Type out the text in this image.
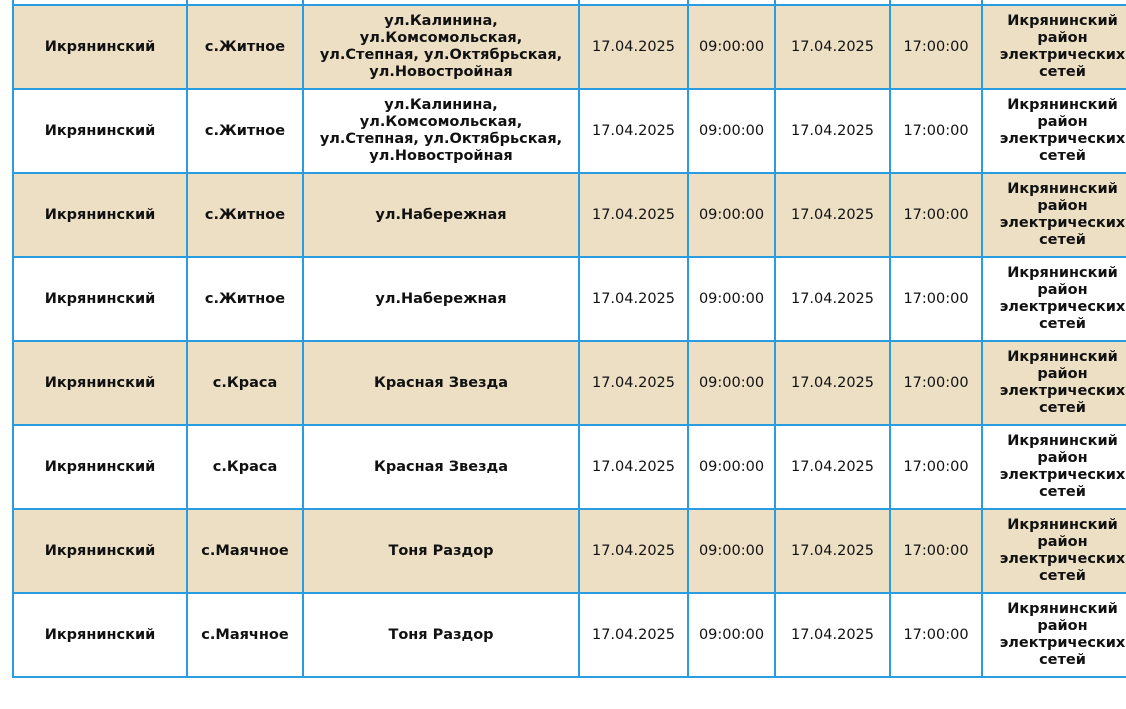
Икрянинский	с.Житное	ул.Калинина, ул.Комсомольская, ул.Степная, ул.Октябрьская, ул.Новостройная	17.04.2025	09:00:00	17.04.2025	17:00:00	Икрянинский район электрических сетей
Икрянинский	с.Житное	ул.Калинина, ул.Комсомольская, ул.Степная, ул.Октябрьская, ул.Новостройная	17.04.2025	09:00:00	17.04.2025	17:00:00	Икрянинский район электрических сетей
Икрянинский	с.Житное	ул.Набережная	17.04.2025	09:00:00	17.04.2025	17:00:00	Икрянинский район электрических сетей
Икрянинский	с.Житное	ул.Набережная	17.04.2025	09:00:00	17.04.2025	17:00:00	Икрянинский район электрических сетей
Икрянинский	с.Краса	Красная Звезда	17.04.2025	09:00:00	17.04.2025	17:00:00	Икрянинский район электрических сетей
Икрянинский	с.Краса	Красная Звезда	17.04.2025	09:00:00	17.04.2025	17:00:00	Икрянинский район электрических сетей
Икрянинский	с.Маячное	Тоня Раздор	17.04.2025	09:00:00	17.04.2025	17:00:00	Икрянинский район электрических сетей
Икрянинский	с.Маячное	Тоня Раздор	17.04.2025	09:00:00	17.04.2025	17:00:00	Икрянинский район электрических сетей
